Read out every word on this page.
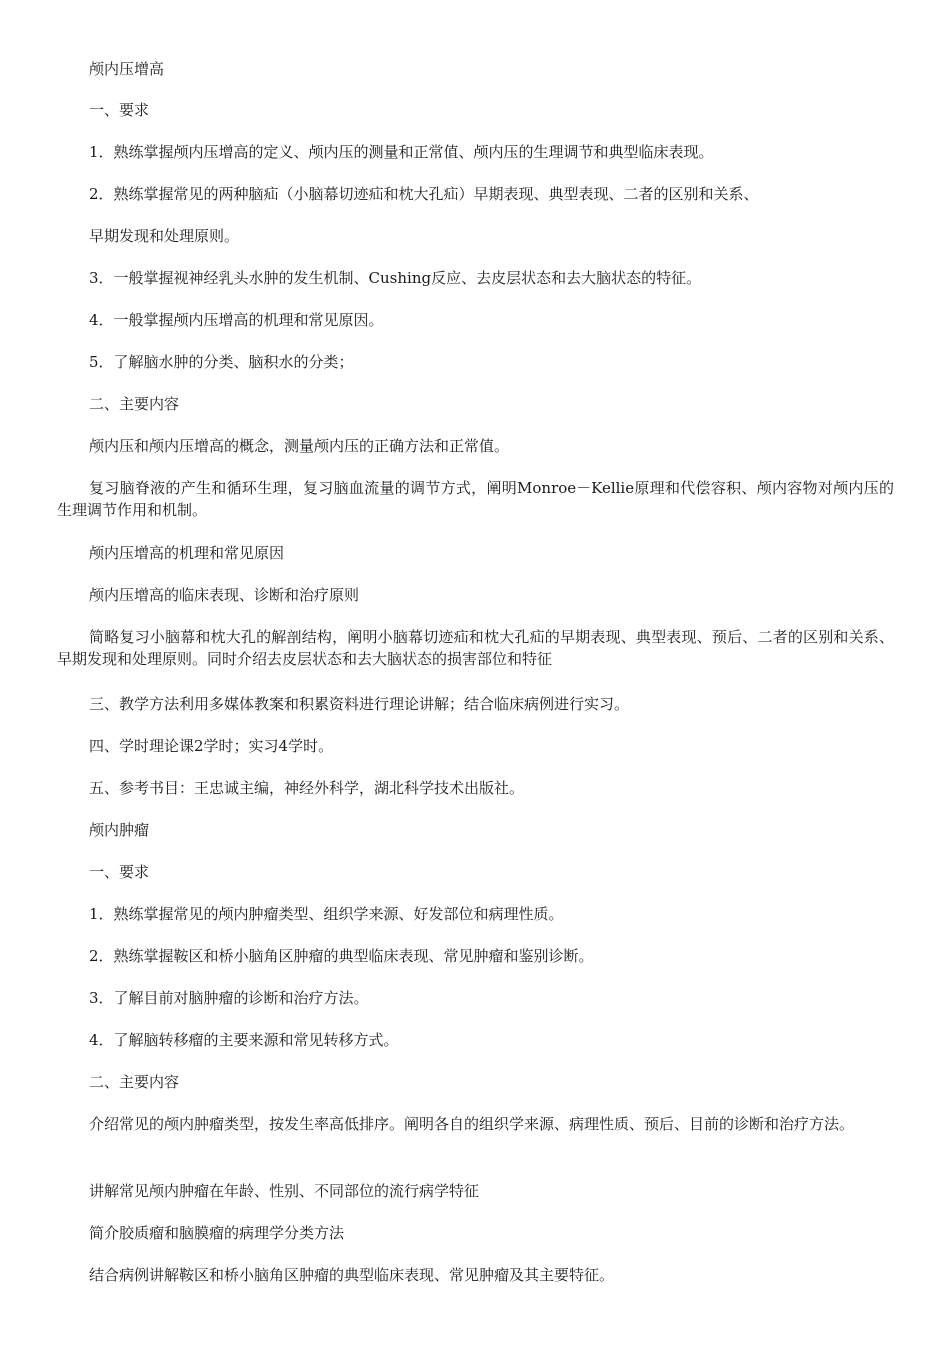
颅内压增高
一、要求
1．熟练掌握颅内压增高的定义、颅内压的测量和正常值、颅内压的生理调节和典型临床表现。
2．熟练掌握常见的两种脑疝（小脑幕切迹疝和枕大孔疝）早期表现、典型表现、二者的区别和关系、
早期发现和处理原则。
3．一般掌握视神经乳头水肿的发生机制、Cushing反应、去皮层状态和去大脑状态的特征。
4．一般掌握颅内压增高的机理和常见原因。
5．了解脑水肿的分类、脑积水的分类；
二、主要内容
颅内压和颅内压增高的概念，测量颅内压的正确方法和正常值。
复习脑脊液的产生和循环生理，复习脑血流量的调节方式，阐明Monroe－Kellie原理和代偿容积、颅内容物对颅内压的生理调节作用和机制。
颅内压增高的机理和常见原因
颅内压增高的临床表现、诊断和治疗原则
简略复习小脑幕和枕大孔的解剖结构，阐明小脑幕切迹疝和枕大孔疝的早期表现、典型表现、预后、二者的区别和关系、早期发现和处理原则。同时介绍去皮层状态和去大脑状态的损害部位和特征
三、教学方法利用多媒体教案和积累资料进行理论讲解；结合临床病例进行实习。
四、学时理论课2学时；实习4学时。
五、参考书目：王忠诚主编，神经外科学，湖北科学技术出版社。
颅内肿瘤
一、要求
1．熟练掌握常见的颅内肿瘤类型、组织学来源、好发部位和病理性质。
2．熟练掌握鞍区和桥小脑角区肿瘤的典型临床表现、常见肿瘤和鉴别诊断。
3．了解目前对脑肿瘤的诊断和治疗方法。
4．了解脑转移瘤的主要来源和常见转移方式。
二、主要内容
介绍常见的颅内肿瘤类型，按发生率高低排序。阐明各自的组织学来源、病理性质、预后、目前的诊断和治疗方法。
讲解常见颅内肿瘤在年龄、性别、不同部位的流行病学特征
简介胶质瘤和脑膜瘤的病理学分类方法
结合病例讲解鞍区和桥小脑角区肿瘤的典型临床表现、常见肿瘤及其主要特征。
